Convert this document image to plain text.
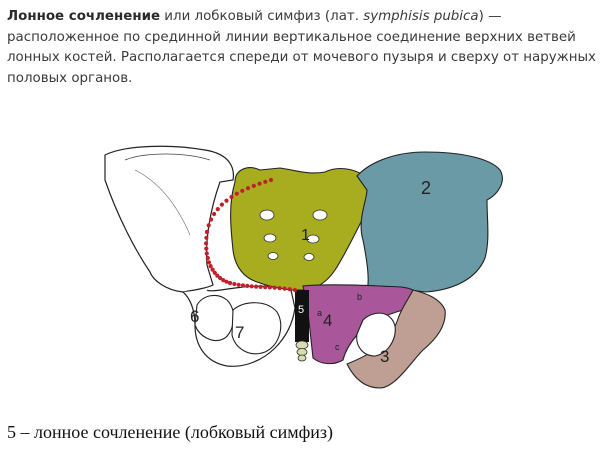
Лонное сочленение или лобковый симфиз (лат. symphisis pubica) — расположенное по срединной линии вертикальное соединение верхних ветвей лонных костей. Располагается спереди от мочевого пузыря и сверху от наружных половых органов.
1
2
4
a
b
c 3
5
6
7
5 – лонное сочленение (лобковый симфиз)
